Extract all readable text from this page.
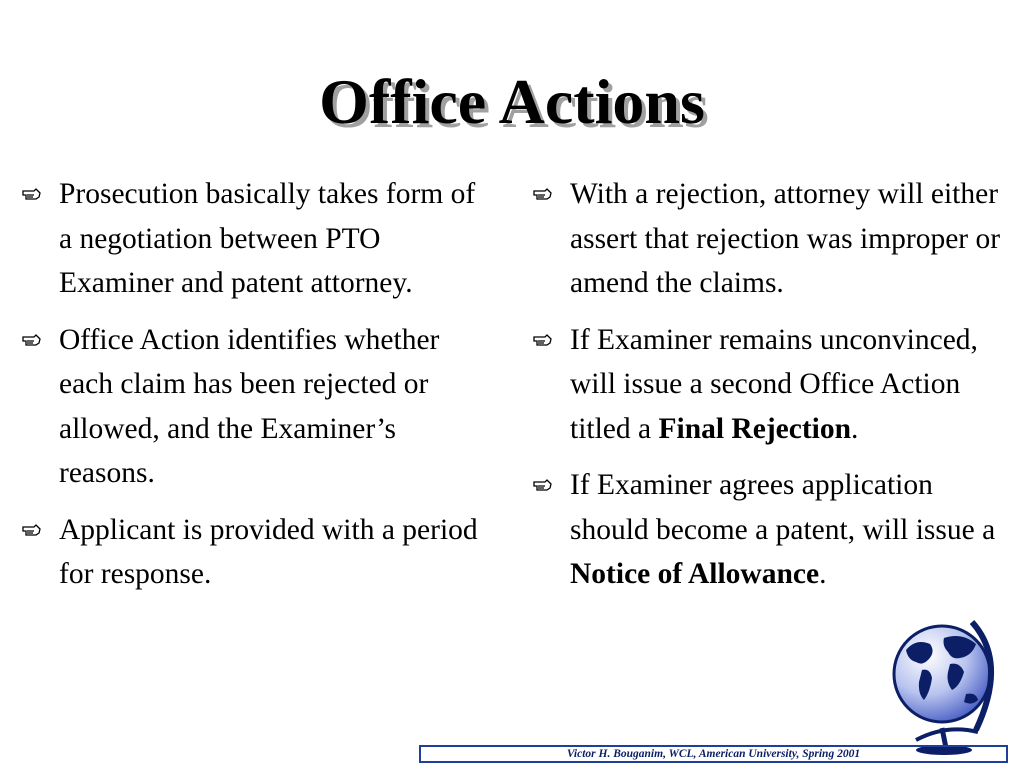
Office Actions
Prosecution basically takes form of a negotiation between PTO Examiner and patent attorney.
Office Action identifies whether each claim has been rejected or allowed, and the Examiner’s reasons.
Applicant is provided with a period for response.
With a rejection, attorney will either assert that rejection was improper or amend the claims.
If Examiner remains unconvinced, will issue a second Office Action titled a Final Rejection.
If Examiner agrees application should become a patent, will issue a Notice of Allowance.
Victor H. Bouganim, WCL, American University, Spring 2001
